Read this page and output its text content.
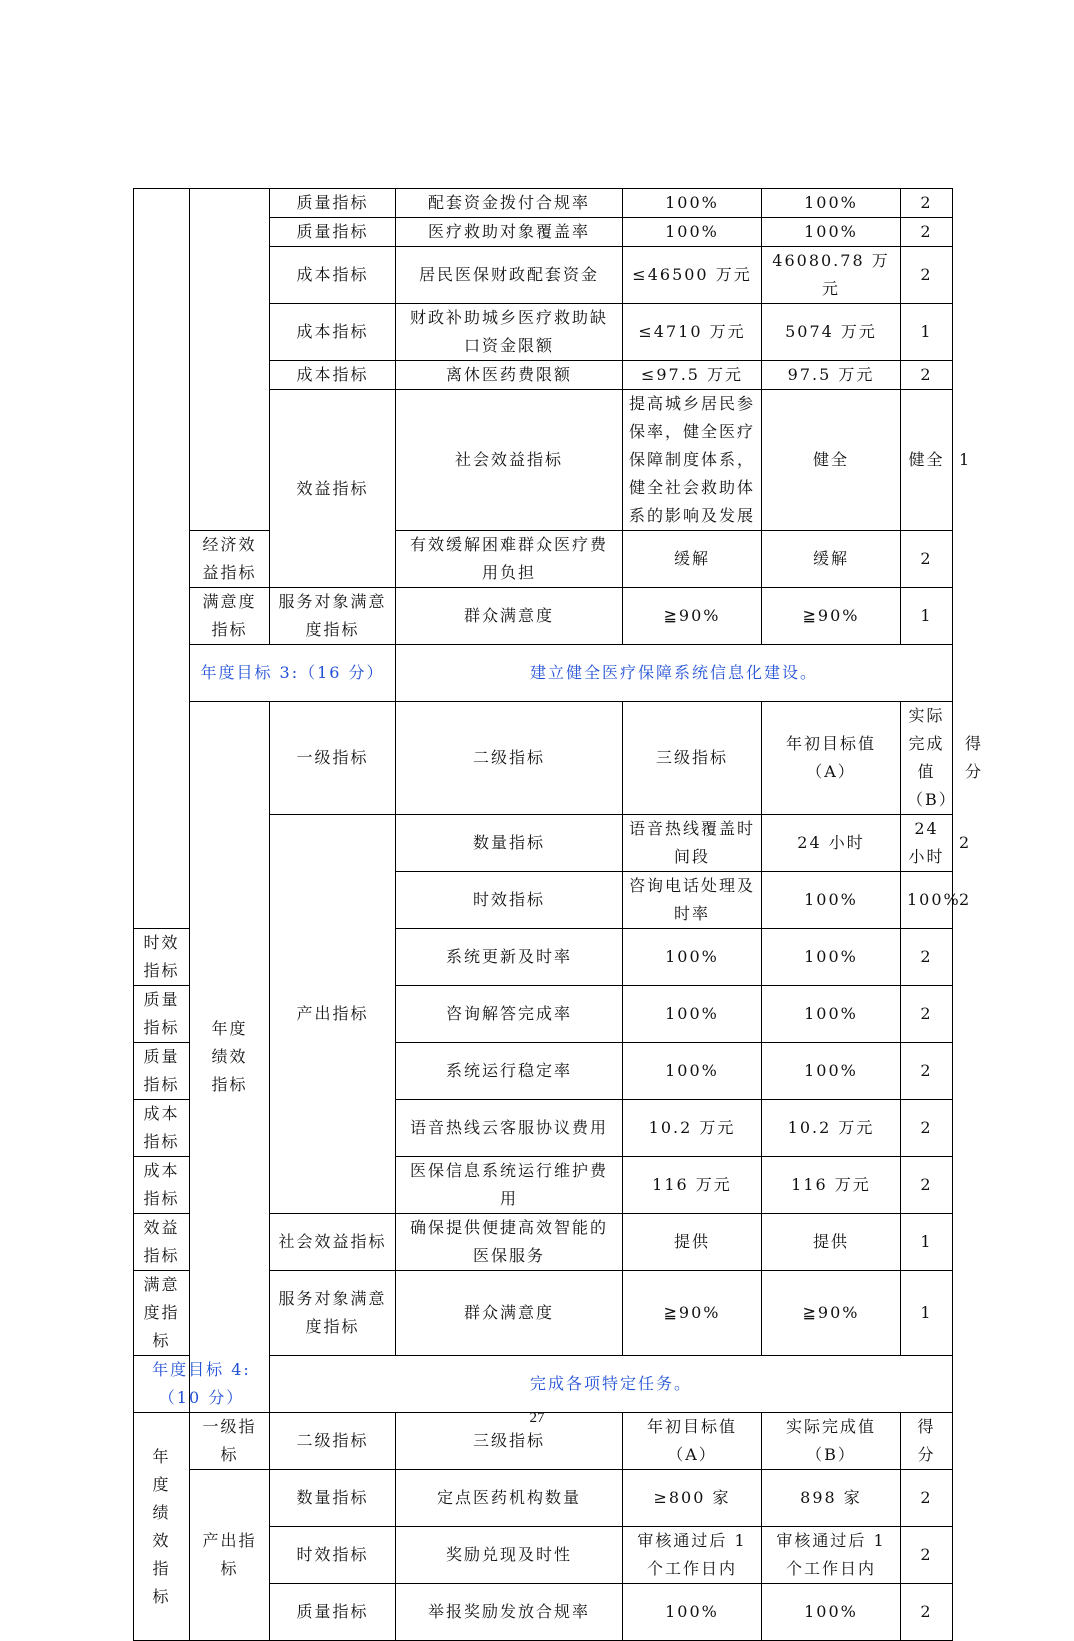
		质量指标	配套资金拨付合规率	100%	100%	2	
		质量指标	医疗救助对象覆盖率	100%	100%	2	
		成本指标	居民医保财政配套资金	≤46500 万元	46080.78 万元	2	
		成本指标	财政补助城乡医疗救助缺口资金限额	≤4710 万元	5074 万元	1	
		成本指标	离休医药费限额	≤97.5 万元	97.5 万元	2	
		效益指标	社会效益指标	提高城乡居民参保率，健全医疗保障制度体系，健全社会救助体系的影响及发展	健全	健全	1
	经济效益指标		有效缓解困难群众医疗费用负担	缓解	缓解	2	
	满意度指标	服务对象满意度指标	群众满意度	≧90%	≧90%	1	
	年度目标 3:（16 分）		建立健全医疗保障系统信息化建设。				
	年度绩效指标	一级指标	二级指标	三级指标	年初目标值（A）	实际完成值（B）	得分
		产出指标	数量指标	语音热线覆盖时间段	24 小时	24 小时	2
			时效指标	咨询电话处理及时率	100%	100%	2
时效指标			系统更新及时率	100%	100%	2	
质量指标			咨询解答完成率	100%	100%	2	
质量指标			系统运行稳定率	100%	100%	2	
成本指标			语音热线云客服协议费用	10.2 万元	10.2 万元	2	
成本指标			医保信息系统运行维护费用	116 万元	116 万元	2	
效益指标		社会效益指标	确保提供便捷高效智能的医保服务	提供	提供	1	
满意度指标		服务对象满意度指标	群众满意度	≧90%	≧90%	1	
年度目标 4:（10 分）		完成各项特定任务。					
年度绩效指标	一级指标	二级指标	三级指标	年初目标值（A）	实际完成值（B）	得分	
	产出指标	数量指标	定点医药机构数量	≥800 家	898 家	2	
		时效指标	奖励兑现及时性	审核通过后 1 个工作日内	审核通过后 1 个工作日内	2	
		质量指标	举报奖励发放合规率	100%	100%	2	
27
